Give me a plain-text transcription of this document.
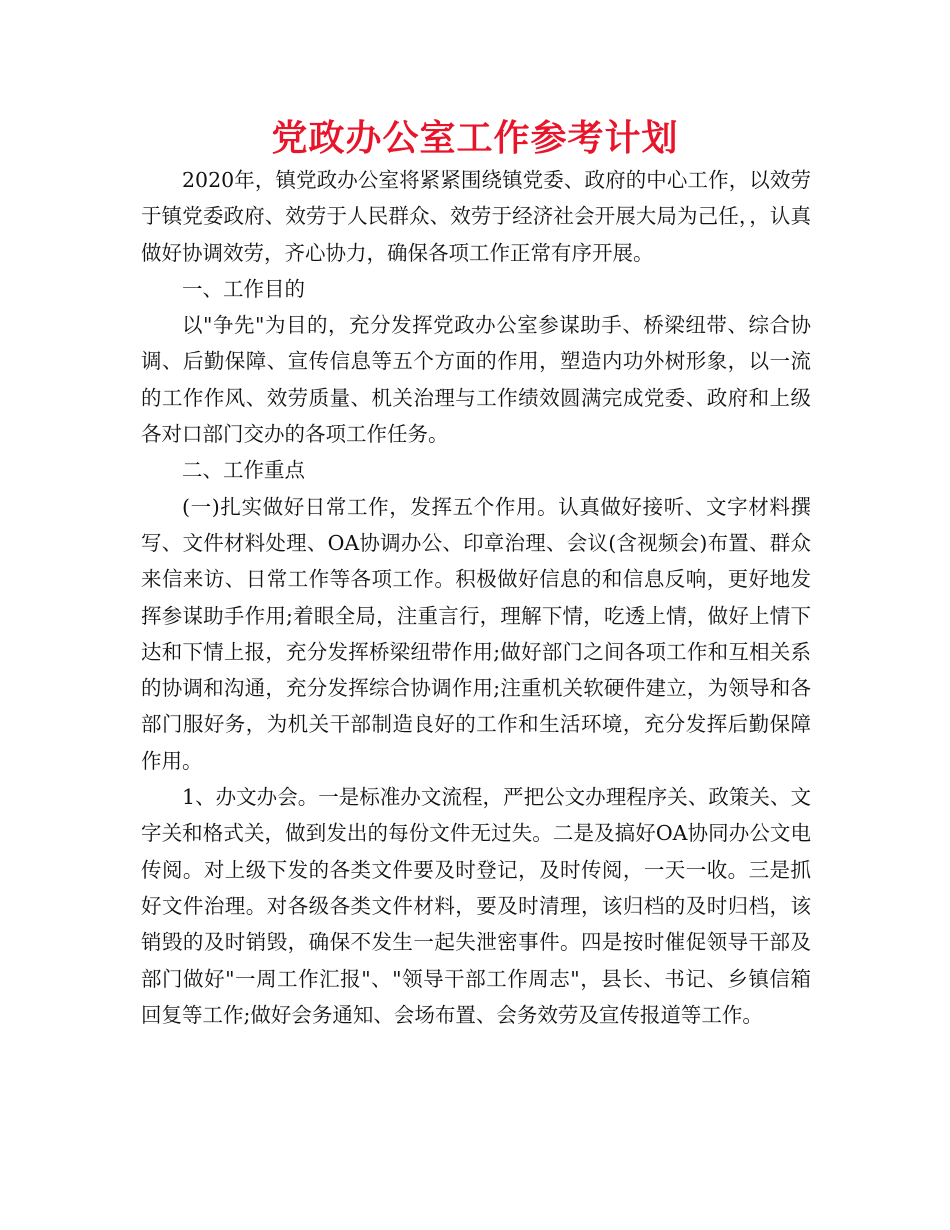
党政办公室工作参考计划

2020年，镇党政办公室将紧紧围绕镇党委、政府的中心工作，以效劳于镇党委政府、效劳于人民群众、效劳于经济社会开展大局为己任，，认真做好协调效劳，齐心协力，确保各项工作正常有序开展。

一、工作目的

以"争先"为目的，充分发挥党政办公室参谋助手、桥梁纽带、综合协调、后勤保障、宣传信息等五个方面的作用，塑造内功外树形象，以一流的工作作风、效劳质量、机关治理与工作绩效圆满完成党委、政府和上级各对口部门交办的各项工作任务。

二、工作重点

(一)扎实做好日常工作，发挥五个作用。认真做好接听、文字材料撰写、文件材料处理、OA协调办公、印章治理、会议(含视频会)布置、群众来信来访、日常工作等各项工作。积极做好信息的和信息反响，更好地发挥参谋助手作用;着眼全局，注重言行，理解下情，吃透上情，做好上情下达和下情上报，充分发挥桥梁纽带作用;做好部门之间各项工作和互相关系的协调和沟通，充分发挥综合协调作用;注重机关软硬件建立，为领导和各部门服好务，为机关干部制造良好的工作和生活环境，充分发挥后勤保障作用。

1、办文办会。一是标准办文流程，严把公文办理程序关、政策关、文字关和格式关，做到发出的每份文件无过失。二是及搞好OA协同办公文电传阅。对上级下发的各类文件要及时登记，及时传阅，一天一收。三是抓好文件治理。对各级各类文件材料，要及时清理，该归档的及时归档，该销毁的及时销毁，确保不发生一起失泄密事件。四是按时催促领导干部及部门做好"一周工作汇报"、"领导干部工作周志"，县长、书记、乡镇信箱回复等工作;做好会务通知、会场布置、会务效劳及宣传报道等工作。
